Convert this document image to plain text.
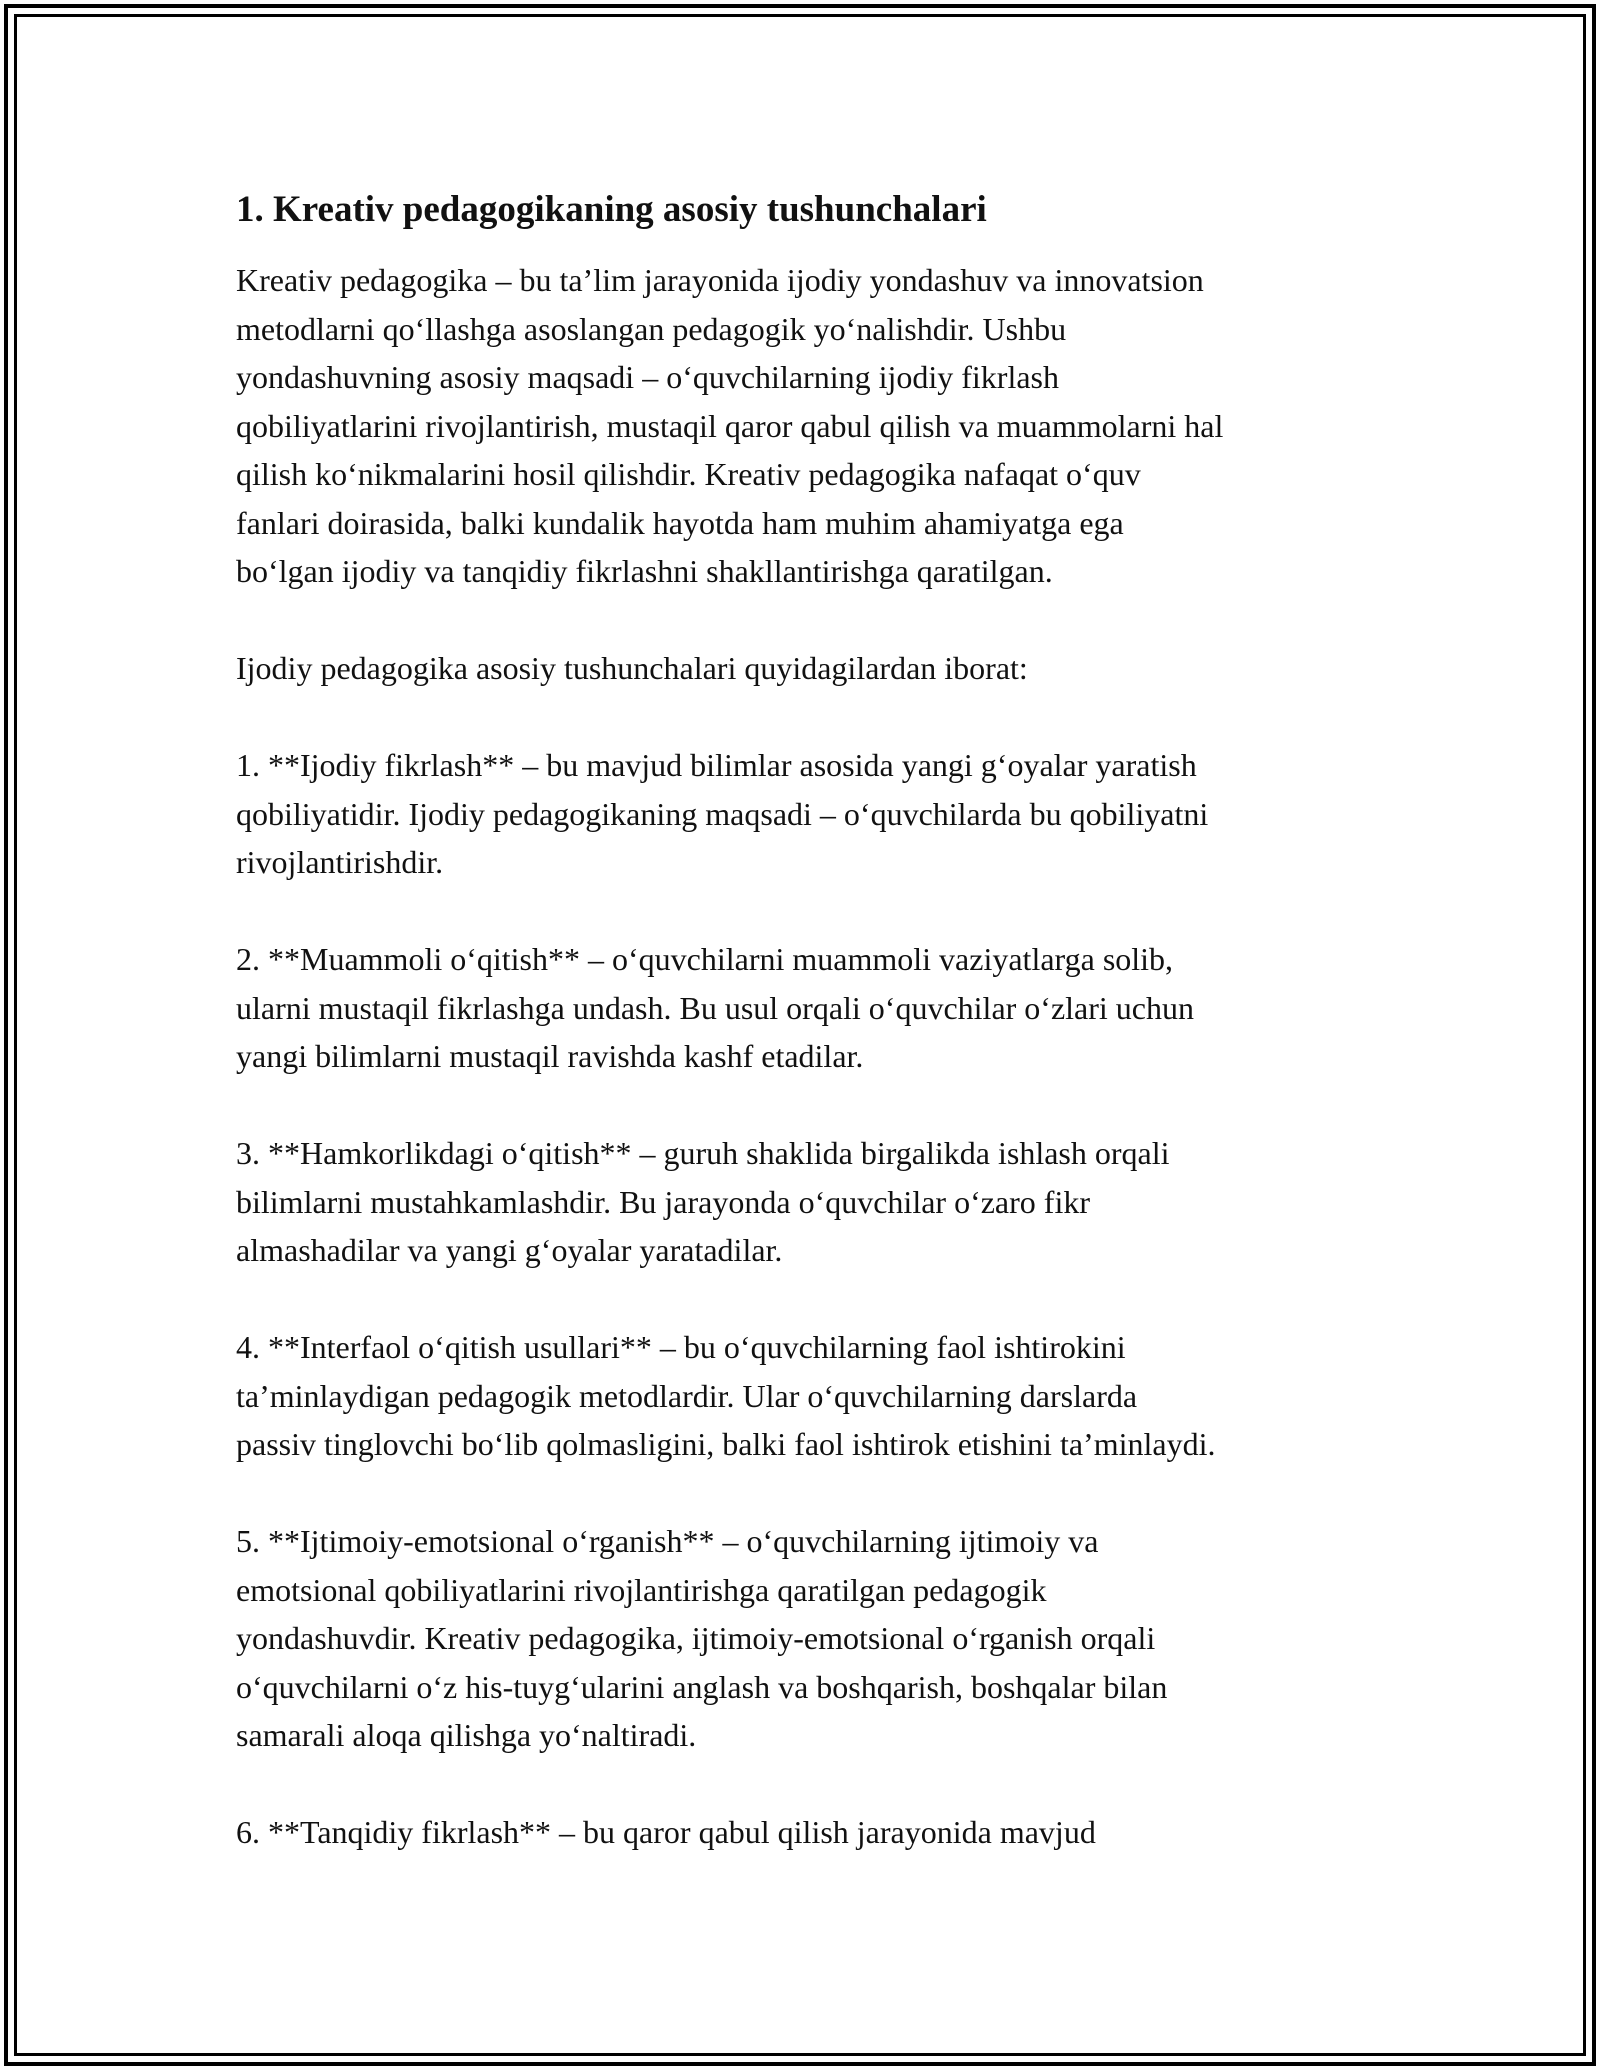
1. Kreativ pedagogikaning asosiy tushunchalari

Kreativ pedagogika – bu ta’lim jarayonida ijodiy yondashuv va innovatsion
metodlarni qo‘llashga asoslangan pedagogik yo‘nalishdir. Ushbu
yondashuvning asosiy maqsadi – o‘quvchilarning ijodiy fikrlash
qobiliyatlarini rivojlantirish, mustaqil qaror qabul qilish va muammolarni hal
qilish ko‘nikmalarini hosil qilishdir. Kreativ pedagogika nafaqat o‘quv
fanlari doirasida, balki kundalik hayotda ham muhim ahamiyatga ega
bo‘lgan ijodiy va tanqidiy fikrlashni shakllantirishga qaratilgan.

Ijodiy pedagogika asosiy tushunchalari quyidagilardan iborat:

1. **Ijodiy fikrlash** – bu mavjud bilimlar asosida yangi g‘oyalar yaratish
qobiliyatidir. Ijodiy pedagogikaning maqsadi – o‘quvchilarda bu qobiliyatni
rivojlantirishdir.

2. **Muammoli o‘qitish** – o‘quvchilarni muammoli vaziyatlarga solib,
ularni mustaqil fikrlashga undash. Bu usul orqali o‘quvchilar o‘zlari uchun
yangi bilimlarni mustaqil ravishda kashf etadilar.

3. **Hamkorlikdagi o‘qitish** – guruh shaklida birgalikda ishlash orqali
bilimlarni mustahkamlashdir. Bu jarayonda o‘quvchilar o‘zaro fikr
almashadilar va yangi g‘oyalar yaratadilar.

4. **Interfaol o‘qitish usullari** – bu o‘quvchilarning faol ishtirokini
ta’minlaydigan pedagogik metodlardir. Ular o‘quvchilarning darslarda
passiv tinglovchi bo‘lib qolmasligini, balki faol ishtirok etishini ta’minlaydi.

5. **Ijtimoiy-emotsional o‘rganish** – o‘quvchilarning ijtimoiy va
emotsional qobiliyatlarini rivojlantirishga qaratilgan pedagogik
yondashuvdir. Kreativ pedagogika, ijtimoiy-emotsional o‘rganish orqali
o‘quvchilarni o‘z his-tuyg‘ularini anglash va boshqarish, boshqalar bilan
samarali aloqa qilishga yo‘naltiradi.

6. **Tanqidiy fikrlash** – bu qaror qabul qilish jarayonida mavjud
